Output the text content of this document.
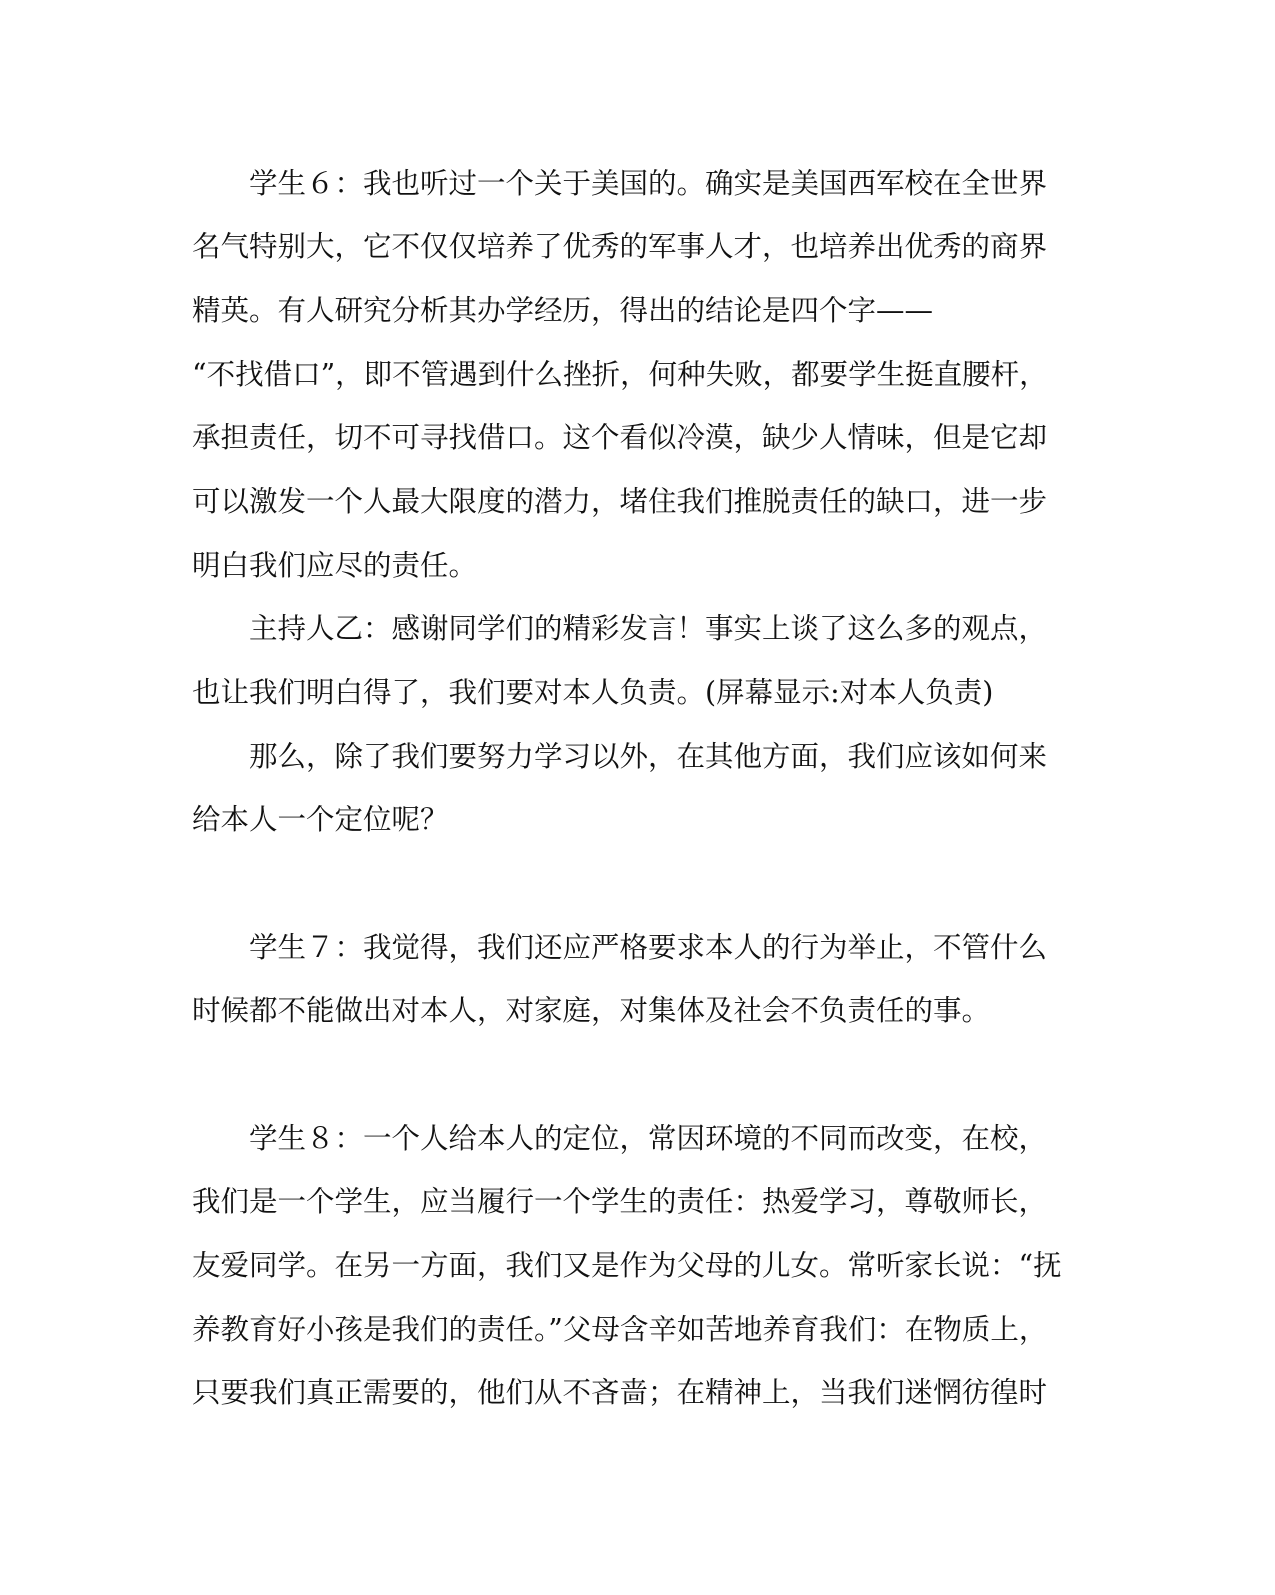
学生６：我也听过一个关于美国的。确实是美国西军校在全世界
名气特别大，它不仅仅培养了优秀的军事人才，也培养出优秀的商界
精英。有人研究分析其办学经历，得出的结论是四个字——
“不找借口”，即不管遇到什么挫折，何种失败，都要学生挺直腰杆，
承担责任，切不可寻找借口。这个看似冷漠，缺少人情味，但是它却
可以激发一个人最大限度的潜力，堵住我们推脱责任的缺口，进一步
明白我们应尽的责任。
主持人乙：感谢同学们的精彩发言！事实上谈了这么多的观点，
也让我们明白得了，我们要对本人负责。(屏幕显示:对本人负责)
那么，除了我们要努力学习以外，在其他方面，我们应该如何来
给本人一个定位呢？
学生７：我觉得，我们还应严格要求本人的行为举止，不管什么
时候都不能做出对本人，对家庭，对集体及社会不负责任的事。
学生８：一个人给本人的定位，常因环境的不同而改变，在校，
我们是一个学生，应当履行一个学生的责任：热爱学习，尊敬师长，
友爱同学。在另一方面，我们又是作为父母的儿女。常听家长说：“抚
养教育好小孩是我们的责任。”父母含辛如苦地养育我们：在物质上，
只要我们真正需要的，他们从不吝啬；在精神上，当我们迷惘彷徨时
